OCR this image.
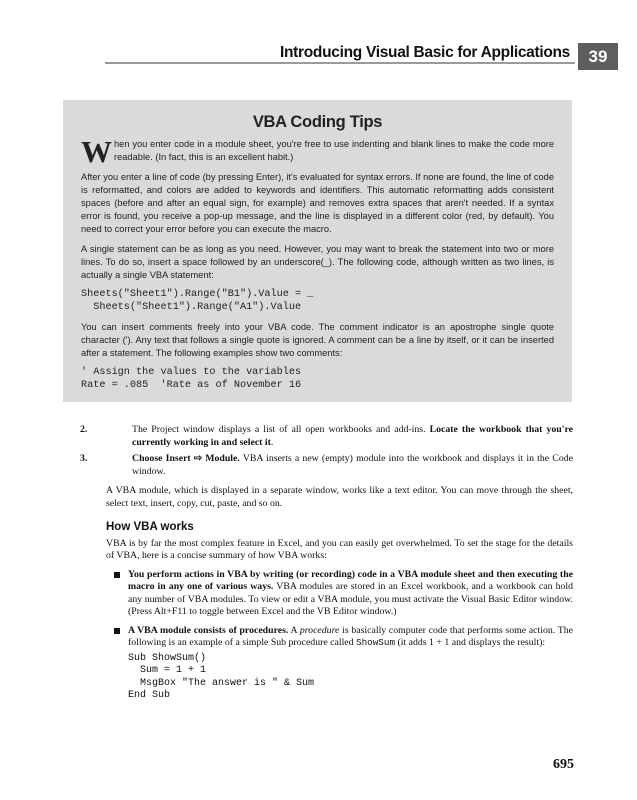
Introducing Visual Basic for Applications	39
VBA Coding Tips

When you enter code in a module sheet, you're free to use indenting and blank lines to make the code more readable. (In fact, this is an excellent habit.)

After you enter a line of code (by pressing Enter), it's evaluated for syntax errors. If none are found, the line of code is reformatted, and colors are added to keywords and identifiers. This automatic reformatting adds consistent spaces (before and after an equal sign, for example) and removes extra spaces that aren't needed. If a syntax error is found, you receive a pop-up message, and the line is displayed in a different color (red, by default). You need to correct your error before you can execute the macro.

A single statement can be as long as you need. However, you may want to break the statement into two or more lines. To do so, insert a space followed by an underscore(_). The following code, although written as two lines, is actually a single VBA statement:

Sheets("Sheet1").Range("B1").Value = _
Sheets("Sheet1").Range("A1").Value

You can insert comments freely into your VBA code. The comment indicator is an apostrophe single quote character ('). Any text that follows a single quote is ignored. A comment can be a line by itself, or it can be inserted after a statement. The following examples show two comments:

' Assign the values to the variables
Rate = .085  'Rate as of November 16
2.	The Project window displays a list of all open workbooks and add-ins. Locate the workbook that you're currently working in and select it.
3.	Choose Insert ⇨ Module. VBA inserts a new (empty) module into the workbook and displays it in the Code window.

A VBA module, which is displayed in a separate window, works like a text editor. You can move through the sheet, select text, insert, copy, cut, paste, and so on.

How VBA works

VBA is by far the most complex feature in Excel, and you can easily get overwhelmed. To set the stage for the details of VBA, here is a concise summary of how VBA works:

You perform actions in VBA by writing (or recording) code in a VBA module sheet and then executing the macro in any one of various ways. VBA modules are stored in an Excel workbook, and a workbook can hold any number of VBA modules. To view or edit a VBA module, you must activate the Visual Basic Editor window. (Press Alt+F11 to toggle between Excel and the VB Editor window.)
A VBA module consists of procedures. A procedure is basically computer code that performs some action. The following is an example of a simple Sub procedure called ShowSum (it adds 1 + 1 and displays the result):
Sub ShowSum()
Sum = 1 + 1
MsgBox "The answer is " & Sum
End Sub
695
